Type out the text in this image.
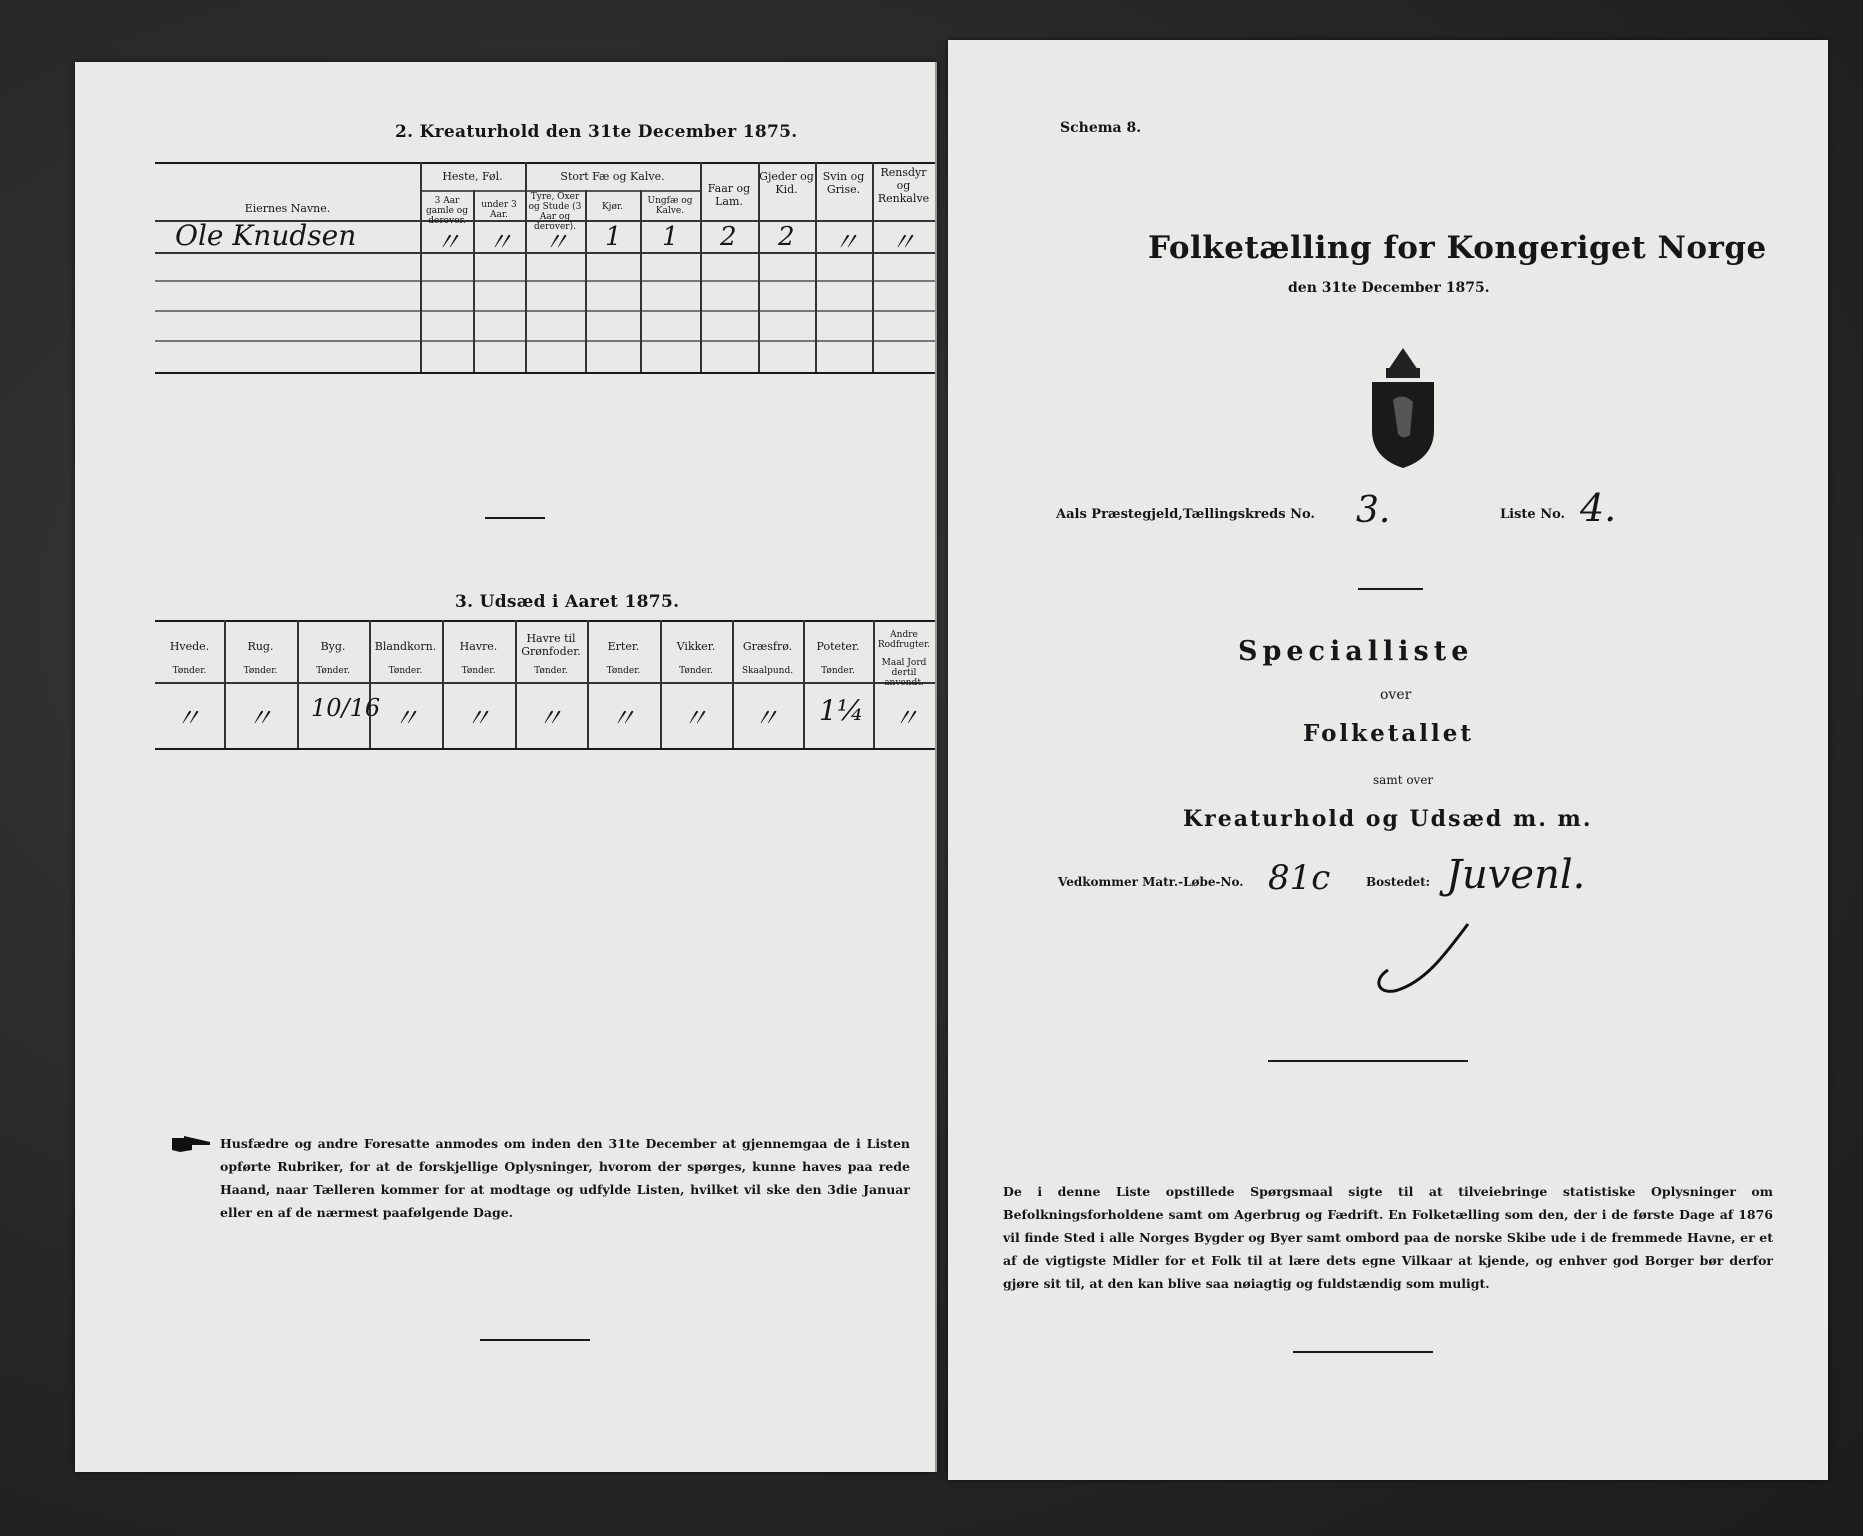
2. Kreaturhold den 31te December 1875.
Eiernes Navne.
Heste, Føl.
3 Aar gamle og derover.
under 3 Aar.
Stort Fæ og Kalve.
Tyre, Oxer og Stude (3 Aar og derover).
Kjør.
Ungfæ og Kalve.
Faar og Lam.
Gjeder og Kid.
Svin og Grise.
Rensdyr og Renkalve
Ole Knudsen	〃 〃 〃 1 1 2 2 〃 〃
3. Udsæd i Aaret 1875.
Hvede.
Tønder.
Rug.
Tønder.
Byg.
Tønder.
Blandkorn.
Tønder.
Havre.
Tønder.
Havre til Grønfoder.
Tønder.
Erter.
Tønder.
Vikker.
Tønder.
Græsfrø.
Skaalpund.
Poteter.
Tønder.
Andre Rodfrugter.
Maal Jord dertil anvendt.
〃 〃 10/16 〃 〃 〃 〃 〃 〃 1¼ 〃
Husfædre og andre Foresatte anmodes om inden den 31te December at gjennemgaa de i Listen opførte Rubriker, for at de forskjellige Oplysninger, hvorom der spørges, kunne haves paa rede Haand, naar Tælleren kommer for at modtage og udfylde Listen, hvilket vil ske den 3die Januar eller en af de nærmest paafølgende Dage.
Schema 8.
Folketælling for Kongeriget Norge
den 31te December 1875.
Aals Præstegjeld, Tællingskreds No. 3.	Liste No. 4.
Specialliste
over
Folketallet
samt over
Kreaturhold og Udsæd m. m.
Vedkommer Matr.-Løbe-No. 81c	Bostedet: Juvenl.
De i denne Liste opstillede Spørgsmaal sigte til at tilveiebringe statistiske Oplysninger om Befolkningsforholdene samt om Agerbrug og Fædrift. En Folketælling som den, der i de første Dage af 1876 vil finde Sted i alle Norges Bygder og Byer samt ombord paa de norske Skibe ude i de fremmede Havne, er et af de vigtigste Midler for et Folk til at lære dets egne Vilkaar at kjende, og enhver god Borger bør derfor gjøre sit til, at den kan blive saa nøiagtig og fuldstændig som muligt.
